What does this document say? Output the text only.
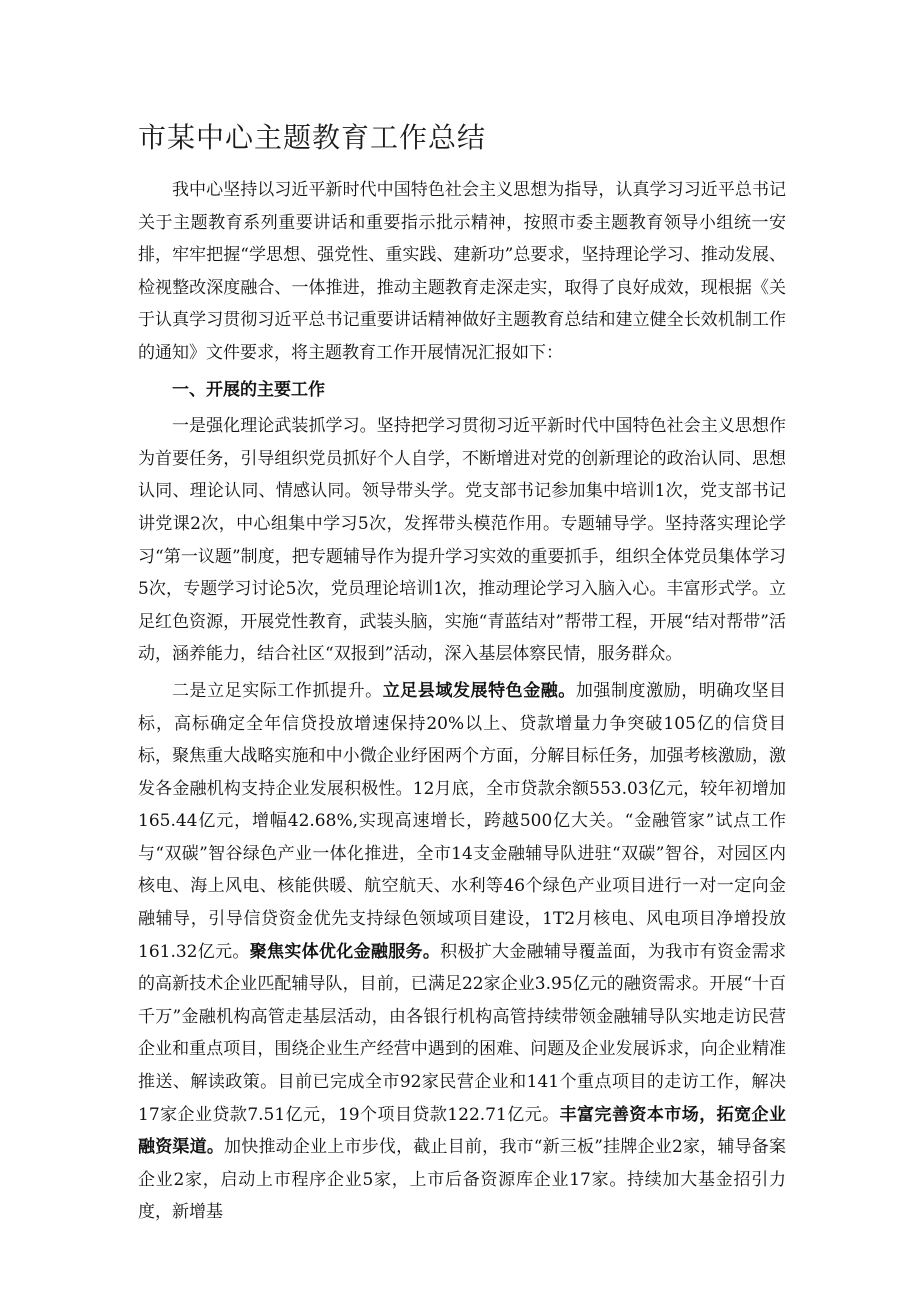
市某中心主题教育工作总结

我中心坚持以习近平新时代中国特色社会主义思想为指导，认真学习习近平总书记关于主题教育系列重要讲话和重要指示批示精神，按照市委主题教育领导小组统一安排，牢牢把握“学思想、强党性、重实践、建新功”总要求，坚持理论学习、推动发展、检视整改深度融合、一体推进，推动主题教育走深走实，取得了良好成效，现根据《关于认真学习贯彻习近平总书记重要讲话精神做好主题教育总结和建立健全长效机制工作的通知》文件要求，将主题教育工作开展情况汇报如下：

一、开展的主要工作

一是强化理论武装抓学习。坚持把学习贯彻习近平新时代中国特色社会主义思想作为首要任务，引导组织党员抓好个人自学，不断增进对党的创新理论的政治认同、思想认同、理论认同、情感认同。领导带头学。党支部书记参加集中培训1次，党支部书记讲党课2次，中心组集中学习5次，发挥带头模范作用。专题辅导学。坚持落实理论学习“第一议题”制度，把专题辅导作为提升学习实效的重要抓手，组织全体党员集体学习5次，专题学习讨论5次，党员理论培训1次，推动理论学习入脑入心。丰富形式学。立足红色资源，开展党性教育，武装头脑，实施“青蓝结对”帮带工程，开展“结对帮带”活动，涵养能力，结合社区“双报到”活动，深入基层体察民情，服务群众。

二是立足实际工作抓提升。立足县域发展特色金融。加强制度激励，明确攻坚目标，高标确定全年信贷投放增速保持20%以上、贷款增量力争突破105亿的信贷目标，聚焦重大战略实施和中小微企业纾困两个方面，分解目标任务，加强考核激励，激发各金融机构支持企业发展积极性。12月底，全市贷款余额553.03亿元，较年初增加165.44亿元，增幅42.68%,实现高速增长，跨越500亿大关。“金融管家”试点工作与“双碳”智谷绿色产业一体化推进，全市14支金融辅导队进驻“双碳”智谷，对园区内核电、海上风电、核能供暖、航空航天、水利等46个绿色产业项目进行一对一定向金融辅导，引导信贷资金优先支持绿色领域项目建设，1T2月核电、风电项目净增投放161.32亿元。聚焦实体优化金融服务。积极扩大金融辅导覆盖面，为我市有资金需求的高新技术企业匹配辅导队，目前，已满足22家企业3.95亿元的融资需求。开展“十百千万”金融机构高管走基层活动，由各银行机构高管持续带领金融辅导队实地走访民营企业和重点项目，围绕企业生产经营中遇到的困难、问题及企业发展诉求，向企业精准推送、解读政策。目前已完成全市92家民营企业和141个重点项目的走访工作，解决17家企业贷款7.51亿元，19个项目贷款122.71亿元。丰富完善资本市场，拓宽企业融资渠道。加快推动企业上市步伐，截止目前，我市“新三板”挂牌企业2家，辅导备案企业2家，启动上市程序企业5家，上市后备资源库企业17家。持续加大基金招引力度，新增基
